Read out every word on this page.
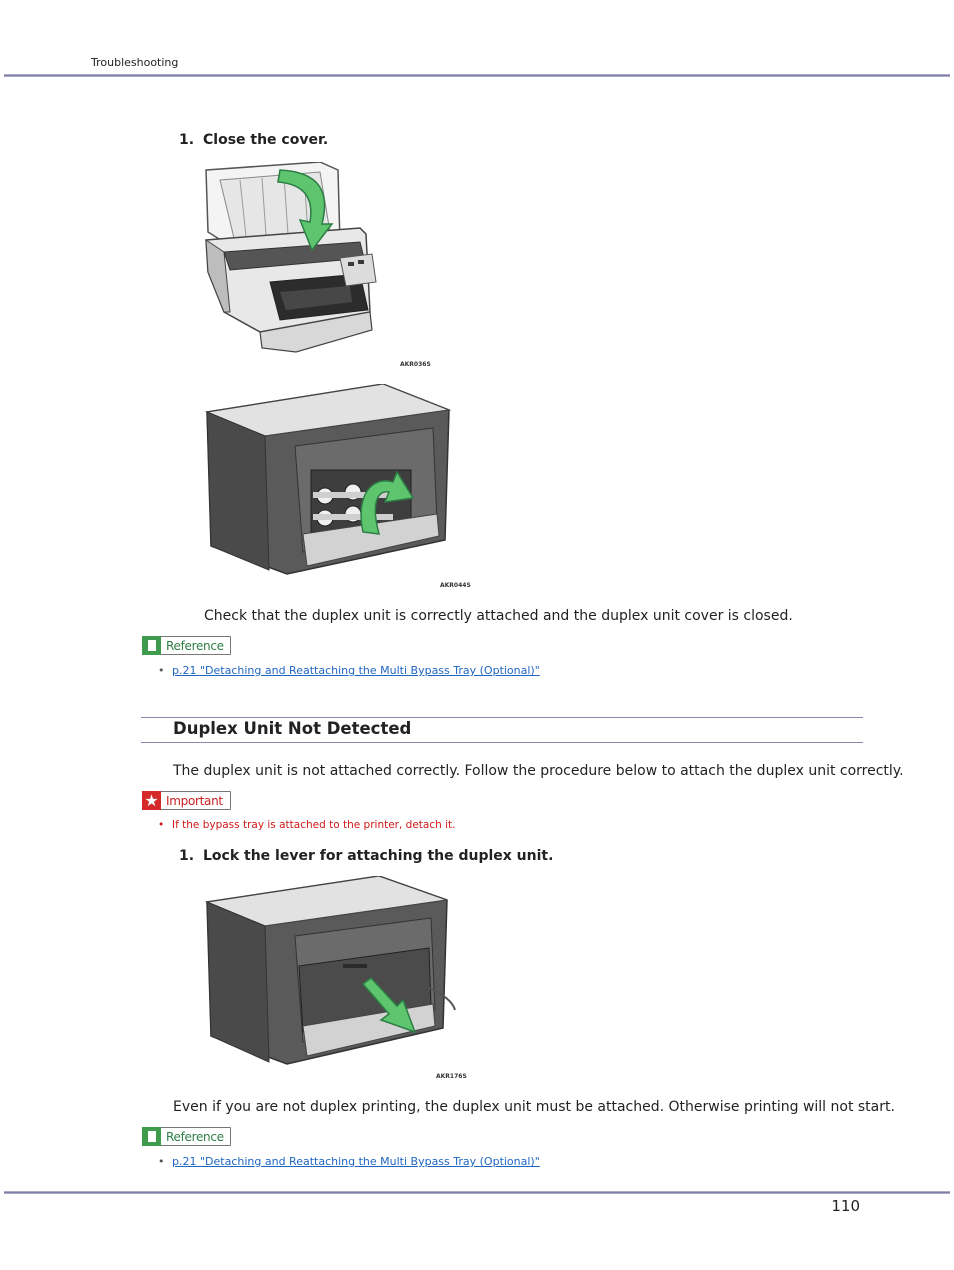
Troubleshooting
1. Close the cover.
AKR036S
AKR044S
Check that the duplex unit is correctly attached and the duplex unit cover is closed.
Reference
• p.21 "Detaching and Reattaching the Multi Bypass Tray (Optional)"
Duplex Unit Not Detected
The duplex unit is not attached correctly. Follow the procedure below to attach the duplex unit correctly.
★ Important
• If the bypass tray is attached to the printer, detach it.
1. Lock the lever for attaching the duplex unit.
AKR176S
Even if you are not duplex printing, the duplex unit must be attached. Otherwise printing will not start.
Reference
• p.21 "Detaching and Reattaching the Multi Bypass Tray (Optional)"
110
